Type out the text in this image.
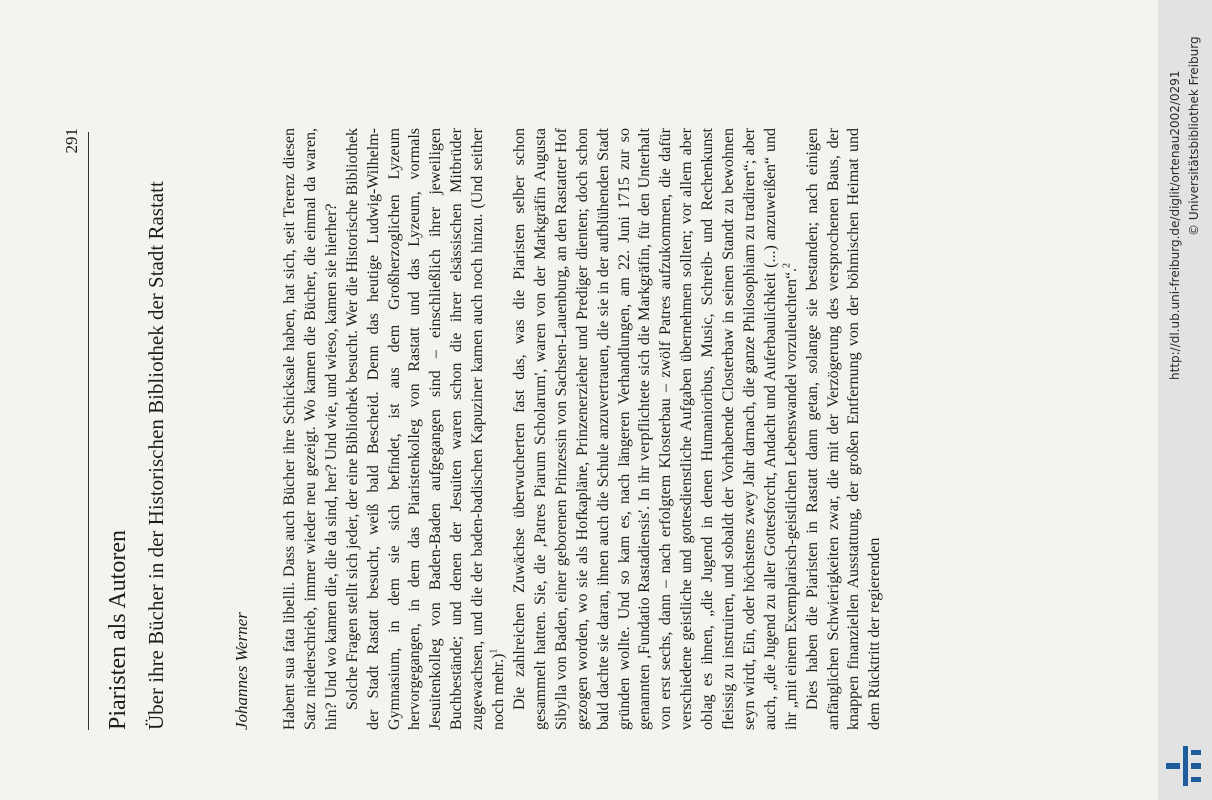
291
Piaristen als Autoren Über ihre Bücher in der Historischen Bibliothek der Stadt Rastatt	Johannes Werner Habent sua fata libelli. Dass auch Bücher ihre Schicksale haben, hat sich, seit Terenz diesen Satz niederschrieb, immer wieder neu gezeigt. Wo kamen die Bücher, die einmal da waren, hin? Und wo kamen die, die da sind, her? Und wie, und wieso, kamen sie hierher? Solche Fragen stellt sich jeder, der eine Bibliothek besucht. Wer die Historische Bibliothek der Stadt Rastatt besucht, weiß bald Bescheid. Denn das heutige Ludwig-Wilhelm-Gymnasium, in dem sie sich befindet, ist aus dem Großherzoglichen Lyzeum hervorgegangen, in dem das Piaristenkolleg von Rastatt und das Lyzeum, vormals Jesuitenkolleg von Baden-Baden aufgegangen sind – einschließlich ihrer jeweiligen Buchbestände; und denen der Jesuiten waren schon die ihrer elsässischen Mitbrüder zugewachsen, und die der baden-badischen Kapuziner kamen auch noch hinzu. (Und seither noch mehr.)$^1$ Die zahlreichen Zuwächse überwucherten fast das, was die Piaristen selber schon gesammelt hatten. Sie, die ‚Patres Piarum Scholarum', waren von der Markgräfin Augusta Sibylla von Baden, einer geborenen Prinzessin von Sachsen-Lauenburg, an den Rastatter Hof gezogen worden, wo sie als Hofkapläne, Prinzenerzieher und Prediger dienten; doch schon bald dachte sie daran, ihnen auch die Schule anzuvertrauen, die sie in der aufblühenden Stadt gründen wollte. Und so kam es, nach längeren Verhandlungen, am 22. Juni 1715 zur so genannten ‚Fundatio Rastadiensis'. In ihr verpflichtete sich die Markgräfin, für den Unterhalt von erst sechs, dann – nach erfolgtem Klosterbau – zwölf Patres aufzukommen, die dafür verschiedene geistliche und gottesdienstliche Aufgaben übernehmen sollten; vor allem aber oblag es ihnen, „die Jugend in denen Humanioribus, Music, Schreib- und Rechenkunst fleissig zu instruiren, und sobaldt der Vorhabende Closterbaw in seinen Standt zu bewohnen seyn wirdt, Ein, oder höchstens zwey Jahr darnach, die ganze Philosophiam zu tradiren“; aber auch, „die Jugend zu aller Gottesforcht, Andacht und Auferbaulichkeit (...) anzuweißen“ und ihr „mit einem Exemplarisch-geistlichen Lebenswandel vorzuleuchten“.$^2$ Dies haben die Piaristen in Rastatt dann getan, solange sie bestanden; nach einigen anfänglichen Schwierigkeiten zwar, die mit der Verzögerung des versprochenen Baus, der knappen finanziellen Ausstattung, der großen Entfernung von der böhmischen Heimat und dem Rücktritt der regierenden

http://dl.ub.uni-freiburg.de/diglit/ortenau2002/0291 © Universitätsbibliothek Freiburg
